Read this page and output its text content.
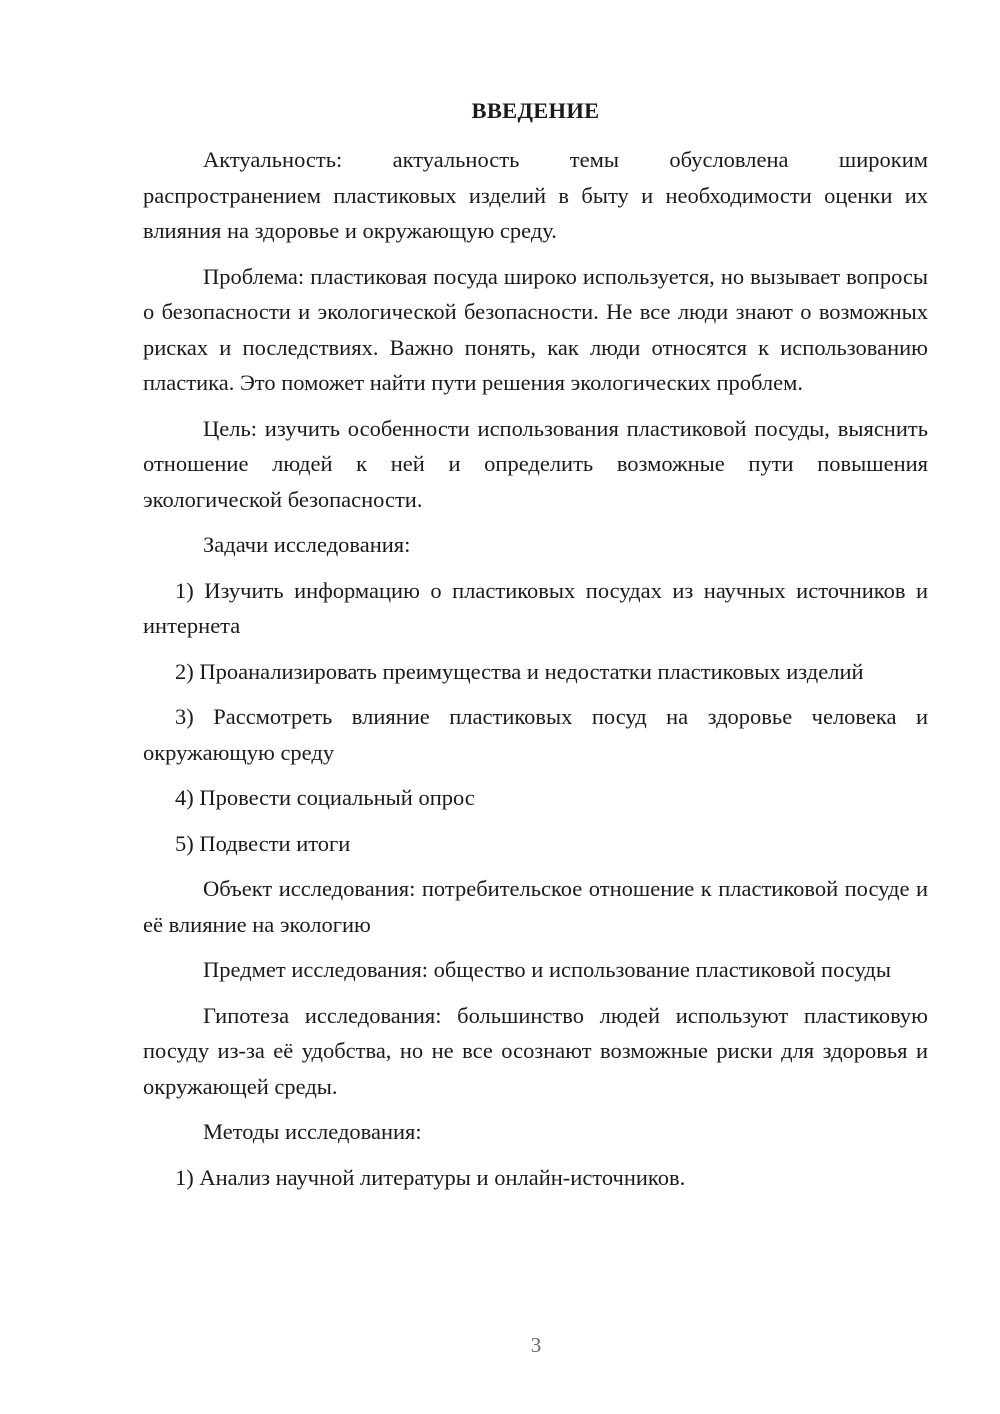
ВВЕДЕНИЕ

Актуальность: актуальность темы обусловлена широким распространением пластиковых изделий в быту и необходимости оценки их влияния на здоровье и окружающую среду.

Проблема: пластиковая посуда широко используется, но вызывает вопросы о безопасности и экологической безопасности. Не все люди знают о возможных рисках и последствиях. Важно понять, как люди относятся к использованию пластика. Это поможет найти пути решения экологических проблем.

Цель: изучить особенности использования пластиковой посуды, выяснить отношение людей к ней и определить возможные пути повышения экологической безопасности.

Задачи исследования:

1) Изучить информацию о пластиковых посудах из научных источников и интернета

2) Проанализировать преимущества и недостатки пластиковых изделий

3) Рассмотреть влияние пластиковых посуд на здоровье человека и окружающую среду

4) Провести социальный опрос

5) Подвести итоги

Объект исследования: потребительское отношение к пластиковой посуде и её влияние на экологию

Предмет исследования: общество и использование пластиковой посуды

Гипотеза исследования: большинство людей используют пластиковую посуду из-за её удобства, но не все осознают возможные риски для здоровья и окружающей среды.

Методы исследования:

1) Анализ научной литературы и онлайн-источников.

3
